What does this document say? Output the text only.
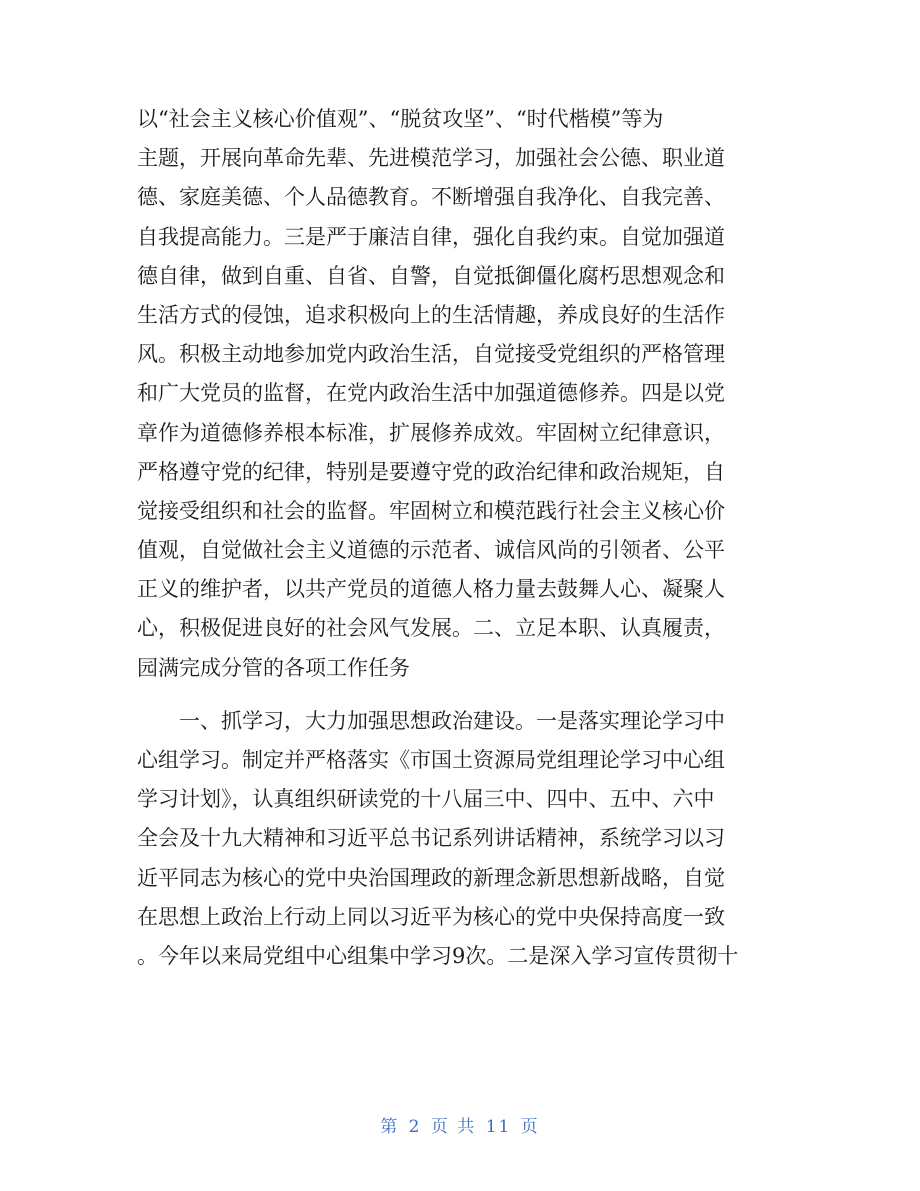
以“社会主义核心价值观”、“脱贫攻坚”、“时代楷模”等为
主题，开展向革命先辈、先进模范学习，加强社会公德、职业道
德、家庭美德、个人品德教育。不断增强自我净化、自我完善、
自我提高能力。三是严于廉洁自律，强化自我约束。自觉加强道
德自律，做到自重、自省、自警，自觉抵御僵化腐朽思想观念和
生活方式的侵蚀，追求积极向上的生活情趣，养成良好的生活作
风。积极主动地参加党内政治生活，自觉接受党组织的严格管理
和广大党员的监督，在党内政治生活中加强道德修养。四是以党
章作为道德修养根本标准，扩展修养成效。牢固树立纪律意识，
严格遵守党的纪律，特别是要遵守党的政治纪律和政治规矩，自
觉接受组织和社会的监督。牢固树立和模范践行社会主义核心价
值观，自觉做社会主义道德的示范者、诚信风尚的引领者、公平
正义的维护者，以共产党员的道德人格力量去鼓舞人心、凝聚人
心，积极促进良好的社会风气发展。二、立足本职、认真履责，
园满完成分管的各项工作任务
　　一、抓学习，大力加强思想政治建设。一是落实理论学习中
心组学习。制定并严格落实《市国土资源局党组理论学习中心组
学习计划》，认真组织研读党的十八届三中、四中、五中、六中
全会及十九大精神和习近平总书记系列讲话精神，系统学习以习
近平同志为核心的党中央治国理政的新理念新思想新战略，自觉
在思想上政治上行动上同以习近平为核心的党中央保持高度一致
。今年以来局党组中心组集中学习9次。二是深入学习宣传贯彻十
第 2 页 共 11 页
